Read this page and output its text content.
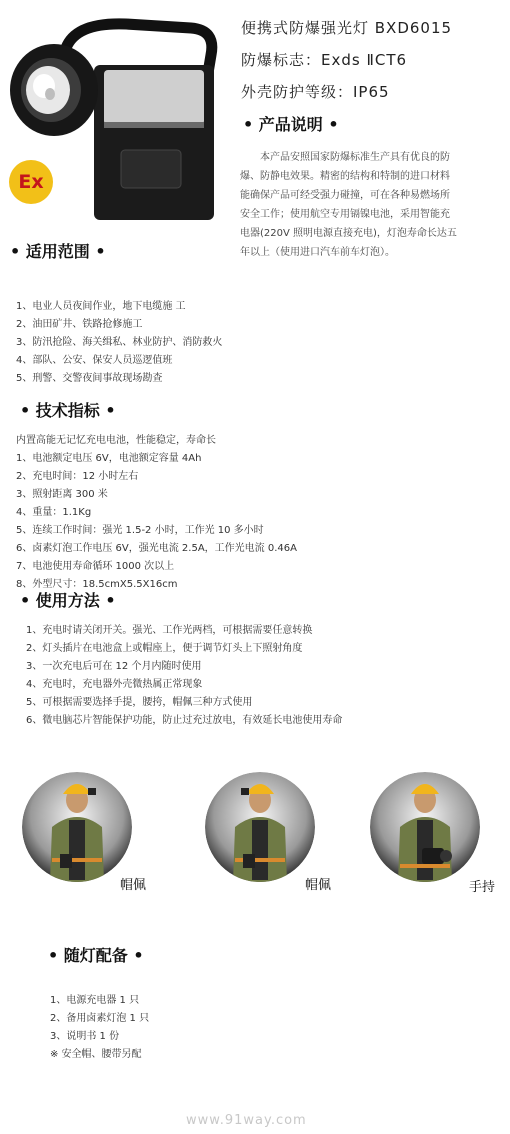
Ex
便携式防爆强光灯 BXD6015
防爆标志：Exds ⅡCT6
外壳防护等级：IP65
• 产品说明 •
本产品安照国家防爆标准生产具有优良的防爆、防静电效果。精密的结构和特制的进口材料能确保产品可经受强力碰撞，可在各种易燃场所安全工作；使用航空专用镉镍电池，采用智能充电器(220V 照明电源直接充电)，灯泡寿命长达五年以上（使用进口汽车前车灯泡）。
• 适用范围 •
1、电业人员夜间作业，地下电缆施 工
2、油田矿井、铁路抢修施工
3、防汛抢险、海关缉私、林业防护、消防救火
4、部队、公安、保安人员巡逻值班
5、刑警、交警夜间事故现场勘查
• 技术指标 •
内置高能无记忆充电电池，性能稳定，寿命长
1、电池额定电压 6V，电池额定容量 4Ah
2、充电时间：12 小时左右
3、照射距离 300 米
4、重量：1.1Kg
5、连续工作时间：强光 1.5-2 小时，工作光 10 多小时
6、卤素灯泡工作电压 6V，强光电流 2.5A，工作光电流 0.46A
7、电池使用寿命循环 1000 次以上
8、外型尺寸：18.5cmX5.5X16cm
• 使用方法 •
1、充电时请关闭开关。强光、工作光两档，可根据需要任意转换
2、灯头插片在电池盒上或帽座上，便于调节灯头上下照射角度
3、一次充电后可在 12 个月内随时使用
4、充电时，充电器外壳微热属正常现象
5、可根据需要选择手提，腰挎，帽佩三种方式使用
6、微电脑芯片智能保护功能，防止过充过放电，有效延长电池使用寿命
帽佩	帽佩	手持
• 随灯配备 •
1、电源充电器 1 只
2、备用卤素灯泡 1 只
3、说明书 1 份
※ 安全帽、腰带另配
www.91way.com
